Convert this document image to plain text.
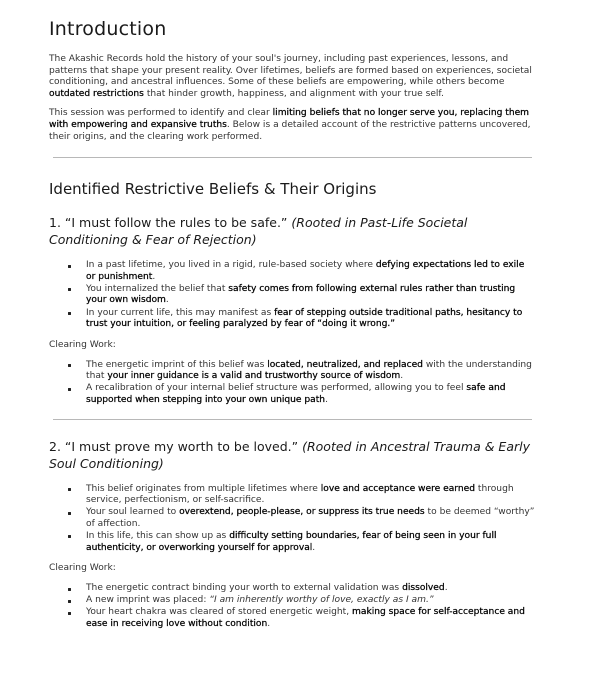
Introduction

The Akashic Records hold the history of your soul's journey, including past experiences, lessons, and patterns that shape your present reality. Over lifetimes, beliefs are formed based on experiences, societal conditioning, and ancestral influences. Some of these beliefs are empowering, while others become outdated restrictions that hinder growth, happiness, and alignment with your true self.

This session was performed to identify and clear limiting beliefs that no longer serve you, replacing them with empowering and expansive truths. Below is a detailed account of the restrictive patterns uncovered, their origins, and the clearing work performed.

Identified Restrictive Beliefs & Their Origins
1. “I must follow the rules to be safe.” (Rooted in Past-Life Societal Conditioning & Fear of Rejection)
In a past lifetime, you lived in a rigid, rule-based society where defying expectations led to exile or punishment.
You internalized the belief that safety comes from following external rules rather than trusting your own wisdom.
In your current life, this may manifest as fear of stepping outside traditional paths, hesitancy to trust your intuition, or feeling paralyzed by fear of “doing it wrong.”
Clearing Work:
The energetic imprint of this belief was located, neutralized, and replaced with the understanding that your inner guidance is a valid and trustworthy source of wisdom.
A recalibration of your internal belief structure was performed, allowing you to feel safe and supported when stepping into your own unique path.
2. “I must prove my worth to be loved.” (Rooted in Ancestral Trauma & Early Soul Conditioning)
This belief originates from multiple lifetimes where love and acceptance were earned through service, perfectionism, or self-sacrifice.
Your soul learned to overextend, people-please, or suppress its true needs to be deemed “worthy” of affection.
In this life, this can show up as difficulty setting boundaries, fear of being seen in your full authenticity, or overworking yourself for approval.
Clearing Work:
The energetic contract binding your worth to external validation was dissolved.
A new imprint was placed: “I am inherently worthy of love, exactly as I am.”
Your heart chakra was cleared of stored energetic weight, making space for self-acceptance and ease in receiving love without condition.
